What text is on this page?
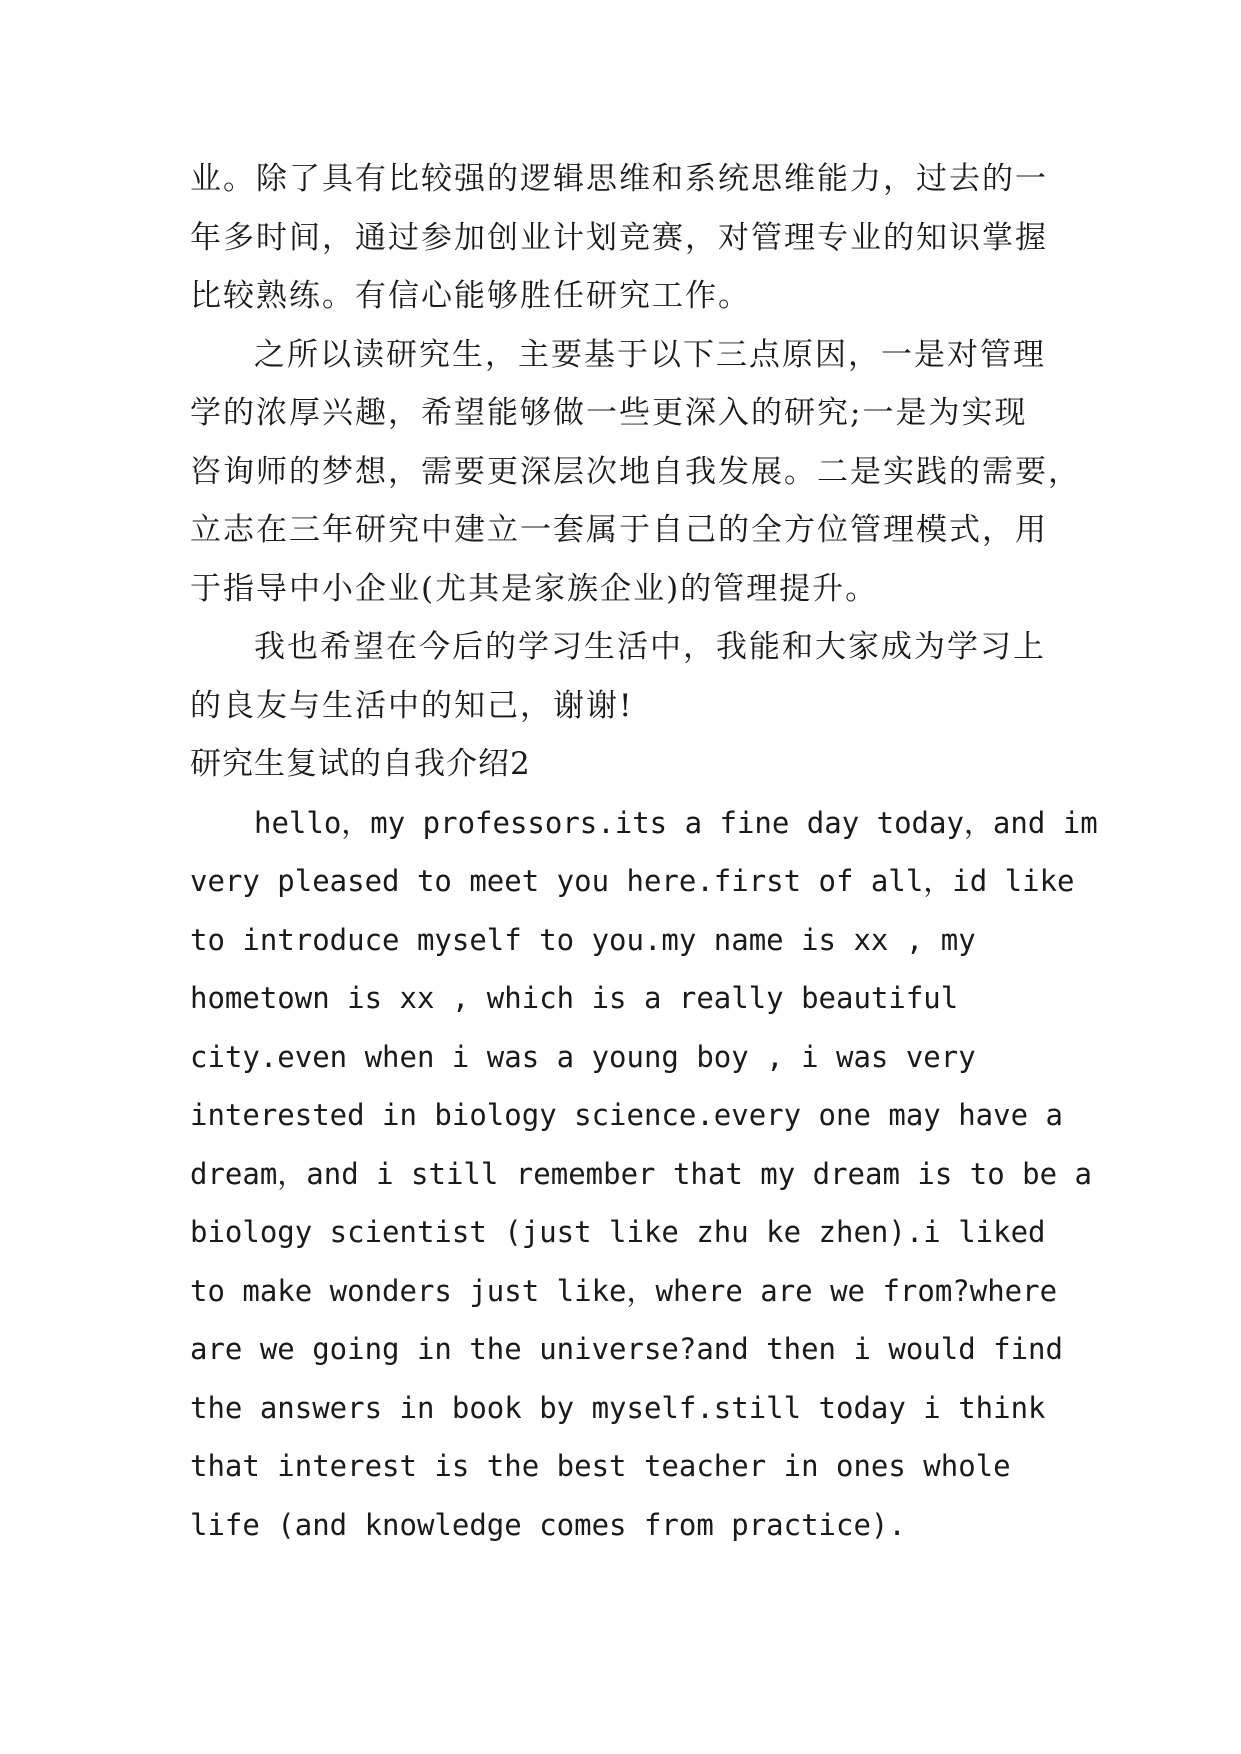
业。除了具有比较强的逻辑思维和系统思维能力，过去的一
年多时间，通过参加创业计划竞赛，对管理专业的知识掌握
比较熟练。有信心能够胜任研究工作。
之所以读研究生，主要基于以下三点原因，一是对管理
学的浓厚兴趣，希望能够做一些更深入的研究;一是为实现
咨询师的梦想，需要更深层次地自我发展。二是实践的需要，
立志在三年研究中建立一套属于自己的全方位管理模式，用
于指导中小企业(尤其是家族企业)的管理提升。
我也希望在今后的学习生活中，我能和大家成为学习上
的良友与生活中的知己，谢谢!
研究生复试的自我介绍2
hello，my professors.its a fine day today，and im
very pleased to meet you here.first of all，id like
to introduce myself to you.my name is xx , my
hometown is xx , which is a really beautiful
city.even when i was a young boy , i was very
interested in biology science.every one may have a
dream，and i still remember that my dream is to be a
biology scientist (just like zhu ke zhen).i liked
to make wonders just like，where are we from?where
are we going in the universe?and then i would find
the answers in book by myself.still today i think
that interest is the best teacher in ones whole
life (and knowledge comes from practice).
